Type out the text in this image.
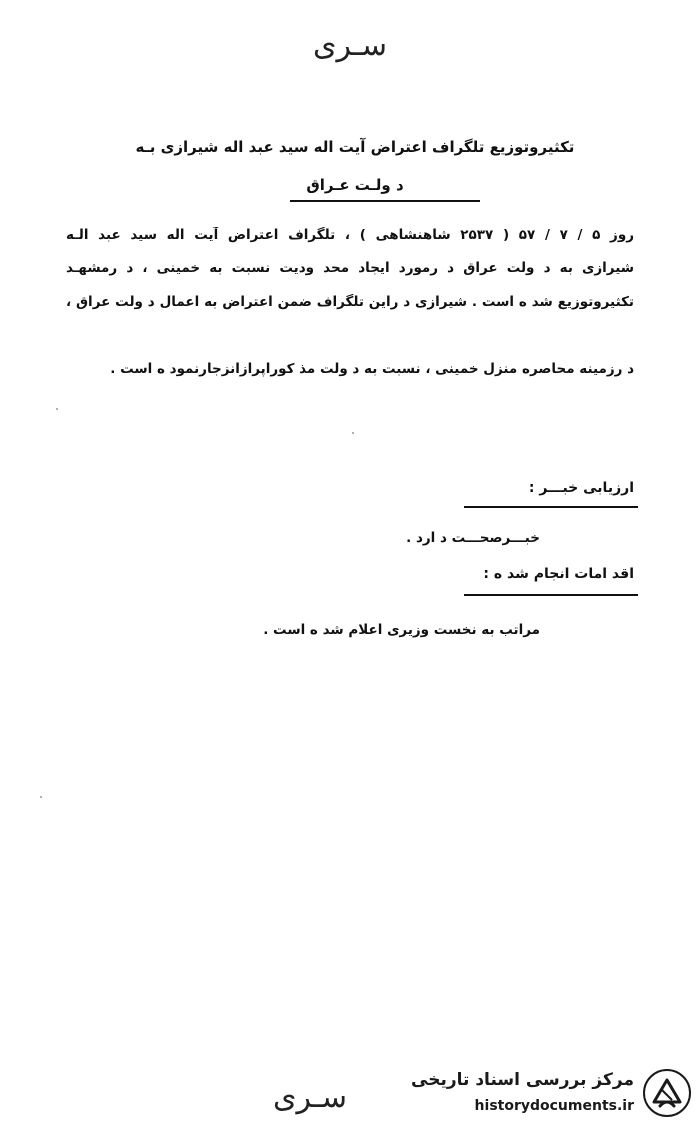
سـری
تکثیروتوزیع تلگراف اعتراض آیت اله سید عبد اله شیرازی بـه
د ولـت عـراق
روز ۵ / ۷ / ۵۷ ( ۲۵۳۷ شاهنشاهی ) ، تلگراف اعتراض آیت اله سید عبد الـه
شیرازی به د ولت عراق د رمورد ایجاد محد ودیت نسبت به خمینی ، د رمشهـد
تکثیروتوزیع شد ه است . شیرازی د راین تلگراف ضمن اعتراض به اعمال د ولت عراق ،
د رزمینه محاصره منزل خمینی ، نسبت به د ولت مذ کوراپرازانزجارنمود ه است .
ارزیابی خبـــر :
خبـــرصحـــت د ارد .
اقد امات انجام شد ه :
مراتب به نخست وزیری اعلام شد ه است .
سـری	مرکز بررسی اسناد تاریخی
historydocuments.ir
